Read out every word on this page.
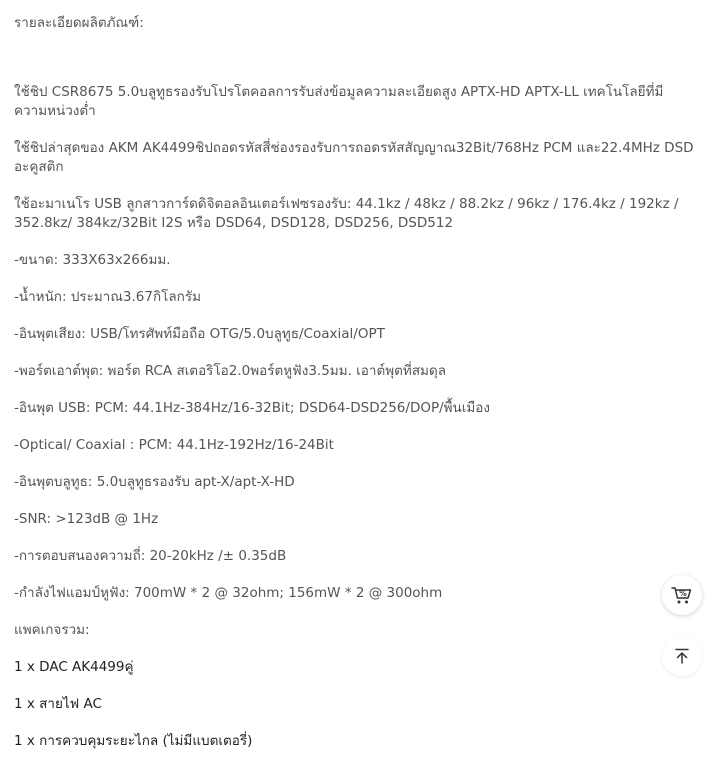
รายละเอียดผลิตภัณฑ์:
ใช้ชิป CSR8675 5.0บลูทูธรองรับโปรโตคอลการรับส่งข้อมูลความละเอียดสูง APTX-HD APTX-LL เทคโนโลยีที่มีความหน่วงต่ำ
ใช้ชิปล่าสุดของ AKM AK4499ชิปถอดรหัสสี่ช่องรองรับการถอดรหัสสัญญาณ32Bit/768Hz PCM และ22.4MHz DSD อะคูสติก
ใช้อะมาเนโร USB ลูกสาวการ์ดดิจิตอลอินเตอร์เฟซรองรับ: 44.1kz / 48kz / 88.2kz / 96kz / 176.4kz / 192kz / 352.8kz/ 384kz/32Bit I2S หรือ DSD64, DSD128, DSD256, DSD512
-ขนาด: 333X63x266มม.
-น้ำหนัก: ประมาณ3.67กิโลกรัม
-อินพุตเสียง: USB/โทรศัพท์มือถือ OTG/5.0บลูทูธ/Coaxial/OPT
-พอร์ตเอาต์พุต: พอร์ต RCA สเตอริโอ2.0พอร์ตหูฟัง3.5มม. เอาต์พุตที่สมดุล
-อินพุต USB: PCM: 44.1Hz-384Hz/16-32Bit; DSD64-DSD256/DOP/พื้นเมือง
-Optical/ Coaxial : PCM: 44.1Hz-192Hz/16-24Bit
-อินพุตบลูทูธ: 5.0บลูทูธรองรับ apt-X/apt-X-HD
-SNR: >123dB @ 1Hz
-การตอบสนองความถี่: 20-20kHz /± 0.35dB
-กำลังไฟแอมป์หูฟัง: 700mW * 2 @ 32ohm; 156mW * 2 @ 300ohm
แพคเกจรวม:
1 x DAC AK4499คู่
1 x สายไฟ AC
1 x การควบคุมระยะไกล (ไม่มีแบตเตอรี่)
%
